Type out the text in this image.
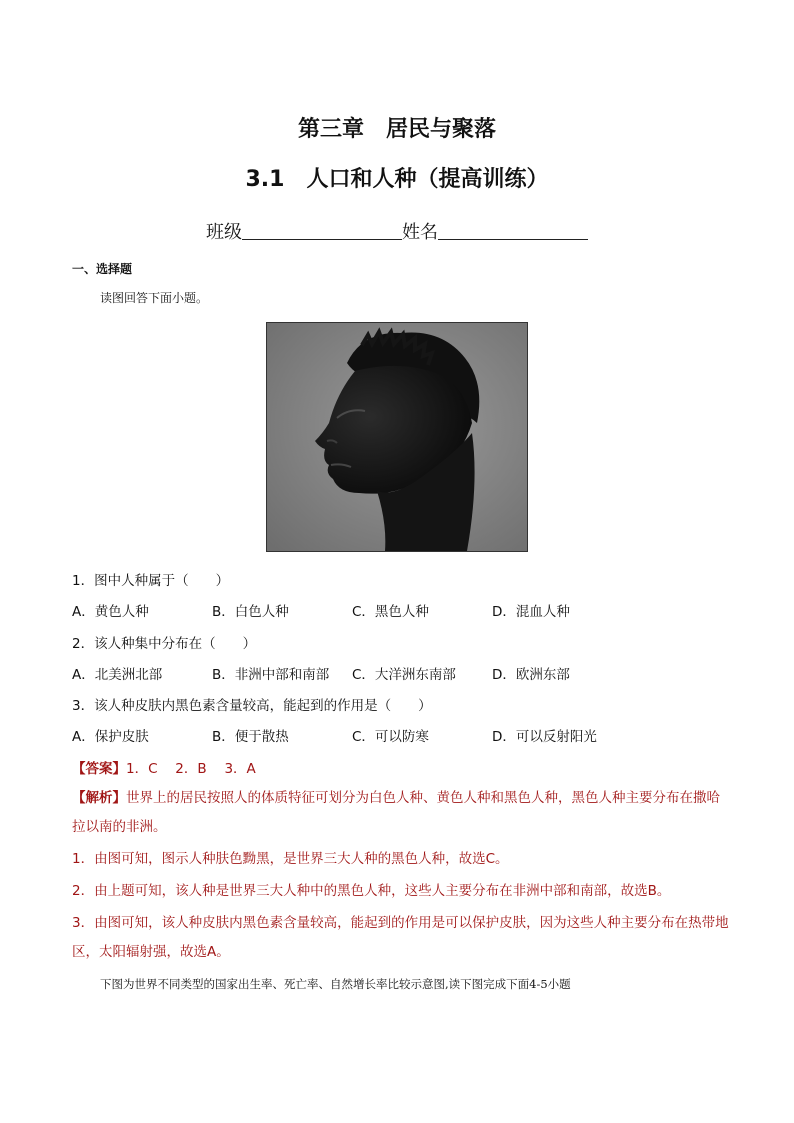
第三章　居民与聚落
3.1　人口和人种（提高训练）
班级	姓名
一、选择题
读图回答下面小题。
1．图中人种属于（　　）
A．黄色人种	B．白色人种	C．黑色人种	D．混血人种
2．该人种集中分布在（　　）
A．北美洲北部	B．非洲中部和南部 C．大洋洲东南部	D．欧洲东部
3．该人种皮肤内黑色素含量较高，能起到的作用是（　　）
A．保护皮肤	B．便于散热	C．可以防寒	D．可以反射阳光
【答案】1．C　 2．B　 3．A
【解析】世界上的居民按照人的体质特征可划分为白色人种、黄色人种和黑色人种，黑色人种主要分布在撒哈拉以南的非洲。
1．由图可知，图示人种肤色黝黑，是世界三大人种的黑色人种，故选C。
2．由上题可知，该人种是世界三大人种中的黑色人种，这些人主要分布在非洲中部和南部，故选B。
3．由图可知，该人种皮肤内黑色素含量较高，能起到的作用是可以保护皮肤，因为这些人种主要分布在热带地区，太阳辐射强，故选A。
下图为世界不同类型的国家出生率、死亡率、自然增长率比较示意图,读下图完成下面4-5小题
